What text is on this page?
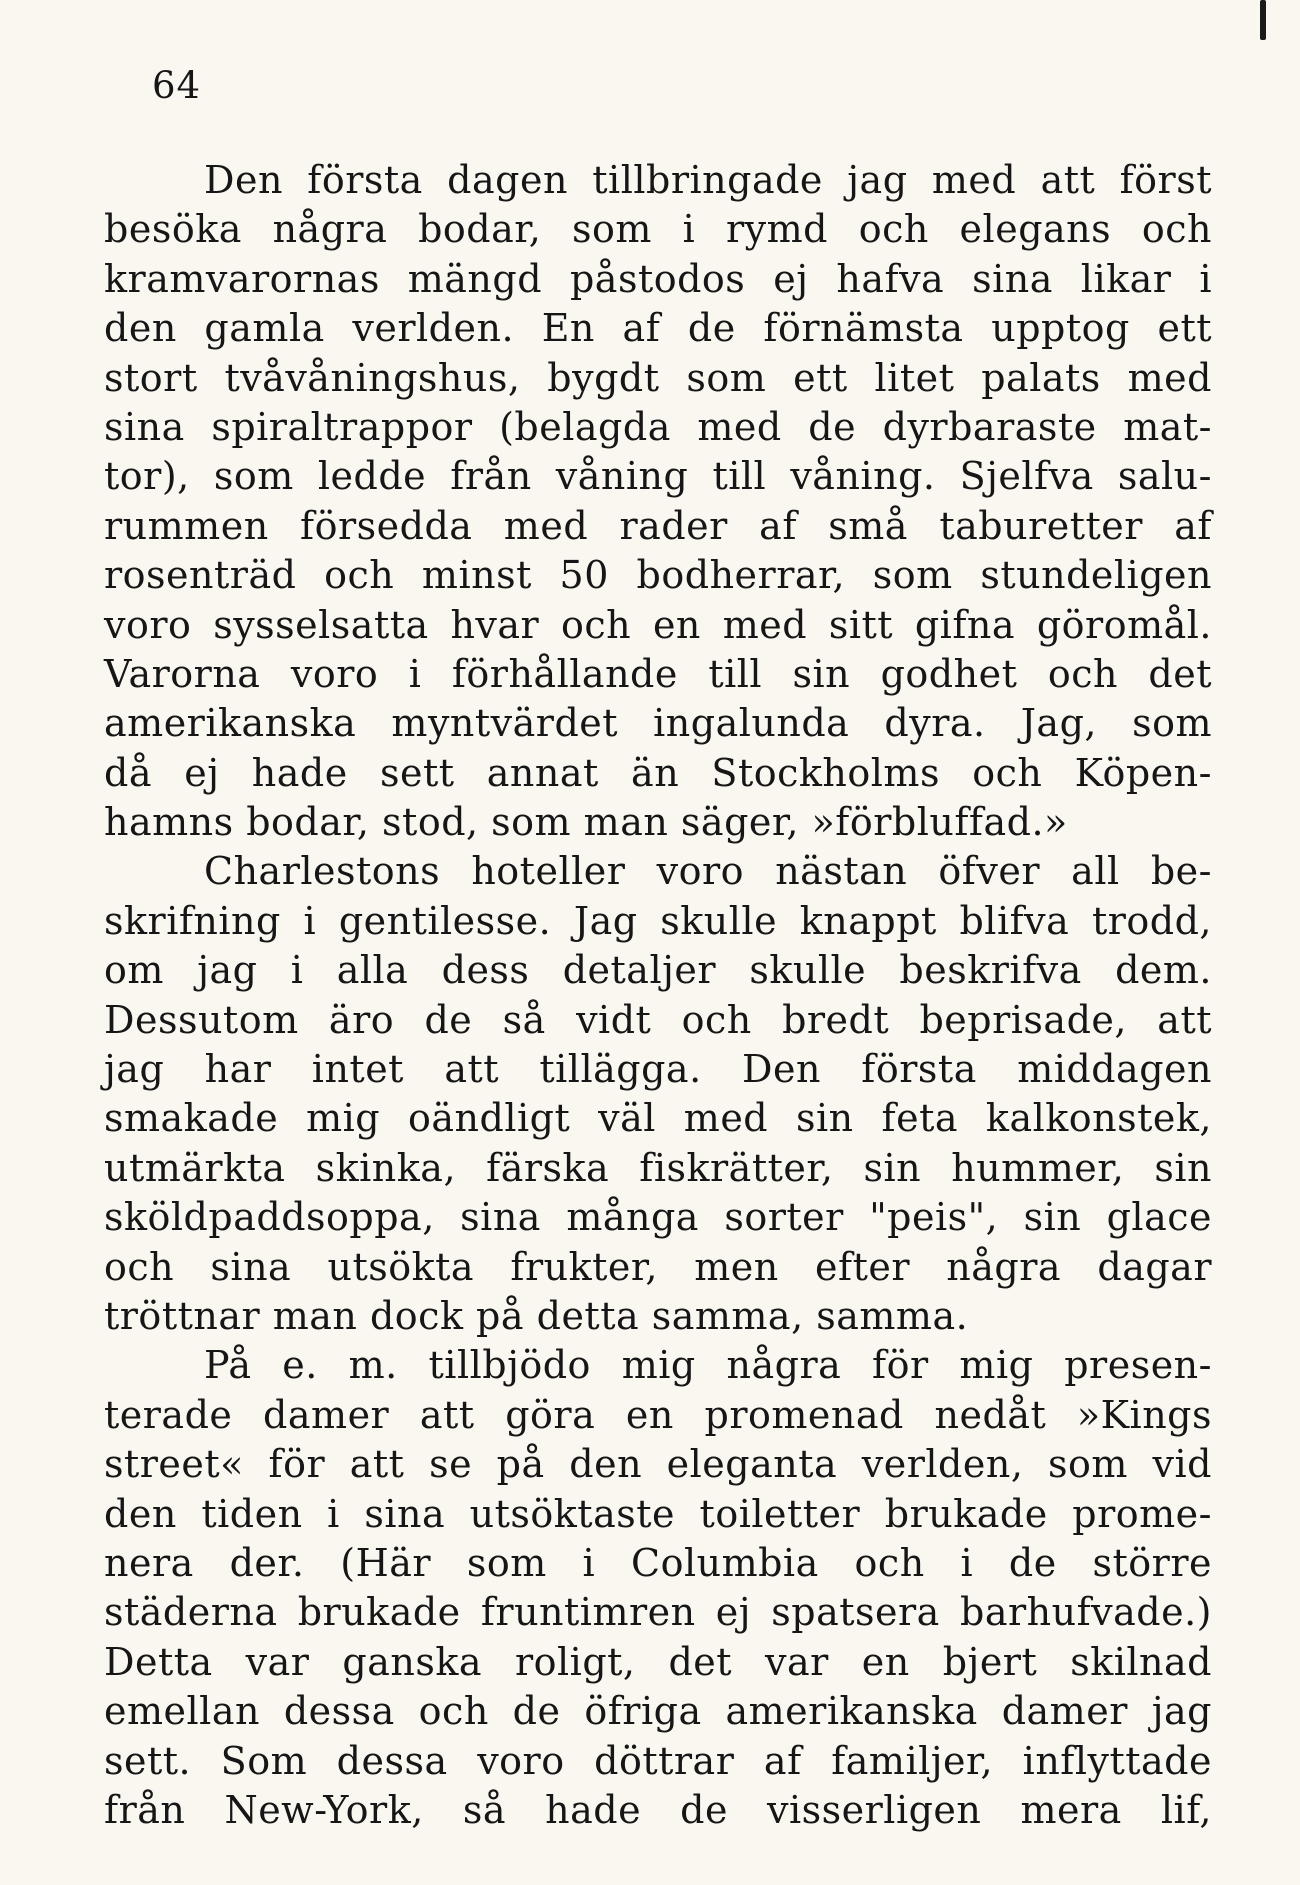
64
Den första dagen tillbringade jag med att först
besöka några bodar, som i rymd och elegans och
kramvarornas mängd påstodos ej hafva sina likar i
den gamla verlden. En af de förnämsta upptog ett
stort tvåvåningshus, bygdt som ett litet palats med
sina spiraltrappor (belagda med de dyrbaraste mat-
tor), som ledde från våning till våning. Sjelfva salu-
rummen försedda med rader af små taburetter af
rosenträd och minst 50 bodherrar, som stundeligen
voro sysselsatta hvar och en med sitt gifna göromål.
Varorna voro i förhållande till sin godhet och det
amerikanska myntvärdet ingalunda dyra. Jag, som
då ej hade sett annat än Stockholms och Köpen-
hamns bodar, stod, som man säger, »förbluffad.»
Charlestons hoteller voro nästan öfver all be-
skrifning i gentilesse. Jag skulle knappt blifva trodd,
om jag i alla dess detaljer skulle beskrifva dem.
Dessutom äro de så vidt och bredt beprisade, att
jag har intet att tillägga. Den första middagen
smakade mig oändligt väl med sin feta kalkonstek,
utmärkta skinka, färska fiskrätter, sin hummer, sin
sköldpaddsoppa, sina många sorter "peis", sin glace
och sina utsökta frukter, men efter några dagar
tröttnar man dock på detta samma, samma.
På e. m. tillbjödo mig några för mig presen-
terade damer att göra en promenad nedåt »Kings
street« för att se på den eleganta verlden, som vid
den tiden i sina utsöktaste toiletter brukade prome-
nera der. (Här som i Columbia och i de större
städerna brukade fruntimren ej spatsera barhufvade.)
Detta var ganska roligt, det var en bjert skilnad
emellan dessa och de öfriga amerikanska damer jag
sett. Som dessa voro döttrar af familjer, inflyttade
från New-York, så hade de visserligen mera lif,
